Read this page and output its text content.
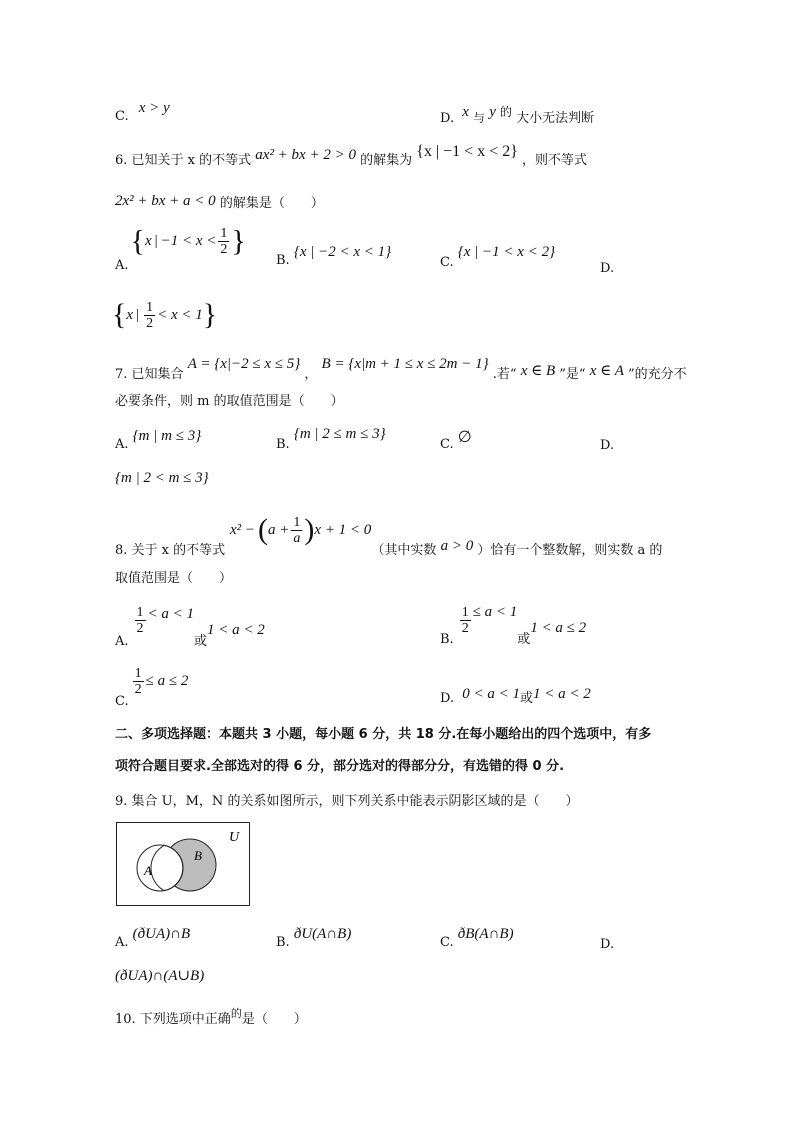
C. x > y
D. x 与 y 的 大小无法判断
6. 已知关于 x 的不等式 ax² + bx + 2 > 0 的解集为 {x | −1 < x < 2} ，则不等式
2x² + bx + a < 0 的解集是（　　）
A.
{x | $-1 < x < \frac{1}{2}$ }
B. {x | −2 < x < 1}
C. {x | −1 < x < 2}
D.
{ x | $\frac{1}{2} < x < 1$ }
7. 已知集合 A = {x|−2 ≤ x ≤ 5} ， B = {x|m + 1 ≤ x ≤ 2m − 1} .若“ x ∈ B ”是“ x ∈ A ”的充分不
必要条件，则 m 的取值范围是（　　）
A. {m | m ≤ 3}
B. {m | 2 ≤ m ≤ 3}
C. ∅	D.
{m | 2 < m ≤ 3}
x² − ( $a + \frac{1}{a}$ ) x + 1 < 0
8. 关于 x 的不等式	（其中实数 a > 0 ）恰有一个整数解，则实数 a 的
取值范围是（　　）
A.
$\frac{1}{2} < a < 1$
或
1 < a < 2
B.
$\frac{1}{2} \le a < 1$
或
1 < a ≤ 2
C.
$\frac{1}{2} \le a \le 2$
D. 0 < a < 1或1 < a < 2
二、多项选择题：本题共 3 小题，每小题 6 分，共 18 分.在每小题给出的四个选项中，有多
项符合题目要求.全部选对的得 6 分，部分选对的得部分分，有选错的得 0 分.
9. 集合 U，M，N 的关系如图所示，则下列关系中能表示阴影区域的是（　　）
U
A
B
A. (ðUA)∩B
B. ðU(A∩B)
C. ðB(A∩B)
D.
(ðUA)∩(A∪B)
10. 下列选项中正确$^的$是（　　）
